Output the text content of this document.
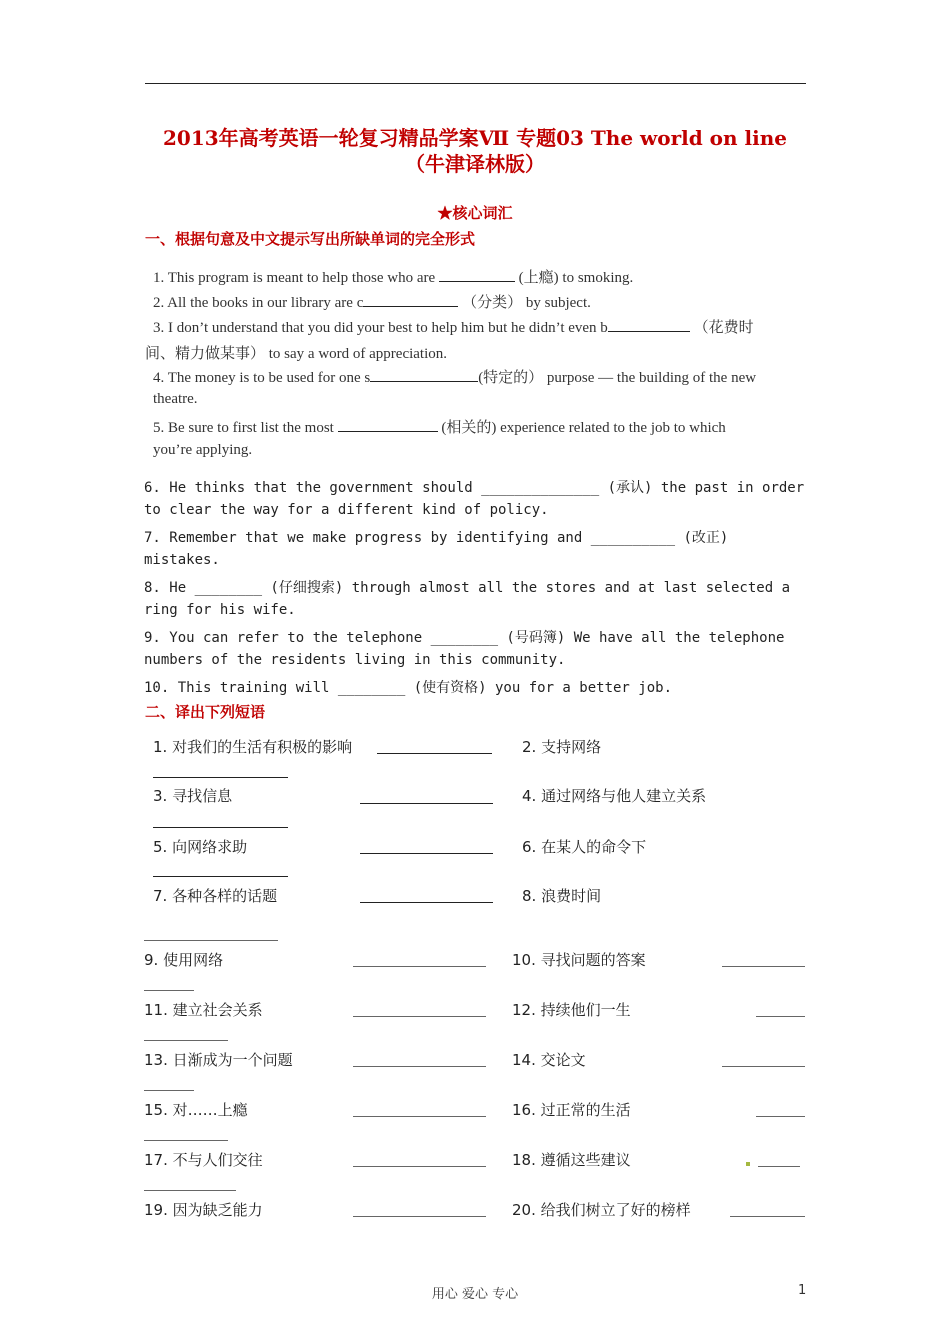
2013年高考英语一轮复习精品学案Ⅶ 专题03 The world on line
（牛津译林版）
★核心词汇
一、根据句意及中文提示写出所缺单词的完全形式
1. This program is meant to help those who are	(上瘾) to smoking.
2. All the books in our library are c	（分类） by subject.
3. I don’t understand that you did your best to help him but he didn’t even b	（花费时
间、精力做某事） to say a word of appreciation.
4. The money is to be used for one s	(特定的） purpose — the building of the new
theatre.
5. Be sure to first list the most	(相关的) experience related to the job to which
you’re applying.
6. He thinks that the government should ______________ (承认) the past in order
to clear the way for a different kind of policy.
7. Remember that we make progress by identifying and __________ (改正)
mistakes.
8. He ________ (仔细搜索) through almost all the stores and at last selected a
ring for his wife.
9. You can refer to the telephone ________ (号码簿) We have all the telephone
numbers of the residents living in this community.
10. This training will ________ (使有资格) you for a better job.
二、译出下列短语
1. 对我们的生活有积极的影响	2. 支持网络
3. 寻找信息	4. 通过网络与他人建立关系
5. 向网络求助	6. 在某人的命令下
7. 各种各样的话题	8. 浪费时间
9. 使用网络	10. 寻找问题的答案
11. 建立社会关系	12. 持续他们一生
13. 日渐成为一个问题	14. 交论文
15. 对……上瘾	16. 过正常的生活
17. 不与人们交往	18. 遵循这些建议
19. 因为缺乏能力	20. 给我们树立了好的榜样
用心 爱心 专心	1
